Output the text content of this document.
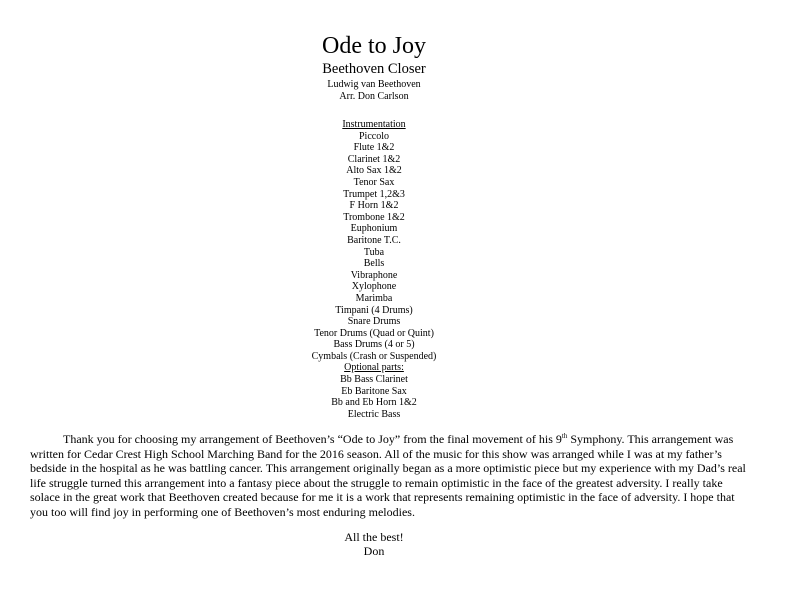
Ode to Joy
Beethoven Closer
Ludwig van Beethoven
Arr. Don Carlson
Instrumentation
Piccolo
Flute 1&2
Clarinet 1&2
Alto Sax 1&2
Tenor Sax
Trumpet 1,2&3
F Horn 1&2
Trombone 1&2
Euphonium
Baritone T.C.
Tuba
Bells
Vibraphone
Xylophone
Marimba
Timpani (4 Drums)
Snare Drums
Tenor Drums (Quad or Quint)
Bass Drums (4 or 5)
Cymbals (Crash or Suspended)
Optional parts:
Bb Bass Clarinet
Eb Baritone Sax
Bb and Eb Horn 1&2
Electric Bass
Thank you for choosing my arrangement of Beethoven’s “Ode to Joy” from the final movement of his 9th Symphony. This arrangement was written for Cedar Crest High School Marching Band for the 2016 season. All of the music for this show was arranged while I was at my father’s bedside in the hospital as he was battling cancer. This arrangement originally began as a more optimistic piece but my experience with my Dad’s real life struggle turned this arrangement into a fantasy piece about the struggle to remain optimistic in the face of the greatest adversity. I really take solace in the great work that Beethoven created because for me it is a work that represents remaining optimistic in the face of adversity. I hope that you too will find joy in performing one of Beethoven’s most enduring melodies.
All the best!
Don
